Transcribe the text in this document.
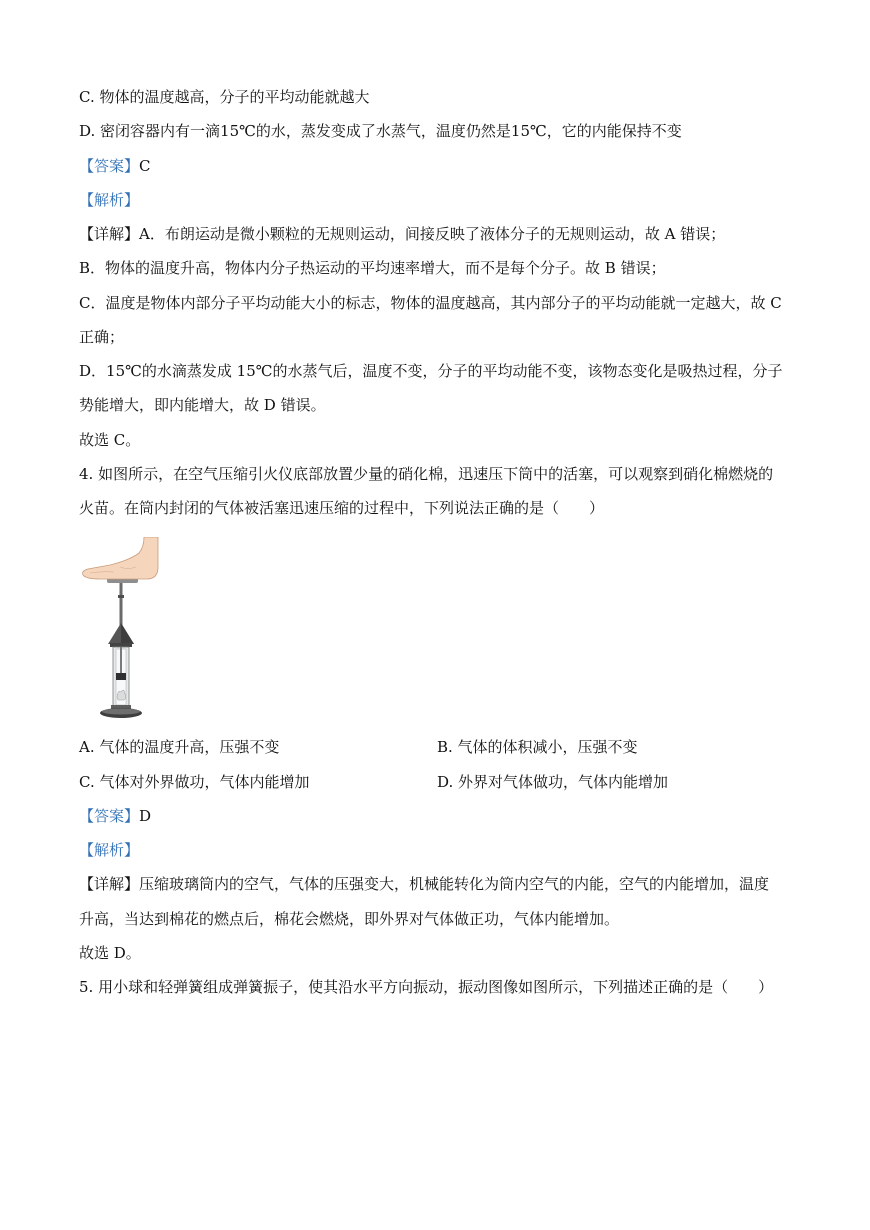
C. 物体的温度越高，分子的平均动能就越大
D. 密闭容器内有一滴15℃的水，蒸发变成了水蒸气，温度仍然是15℃，它的内能保持不变
【答案】C
【解析】
【详解】A．布朗运动是微小颗粒的无规则运动，间接反映了液体分子的无规则运动，故 A 错误；
B．物体的温度升高，物体内分子热运动的平均速率增大，而不是每个分子。故 B 错误；
C．温度是物体内部分子平均动能大小的标志，物体的温度越高，其内部分子的平均动能就一定越大，故 C
正确；
D．15℃的水滴蒸发成 15℃的水蒸气后，温度不变，分子的平均动能不变，该物态变化是吸热过程，分子
势能增大，即内能增大，故 D 错误。
故选 C。
4. 如图所示，在空气压缩引火仪底部放置少量的硝化棉，迅速压下筒中的活塞，可以观察到硝化棉燃烧的
火苗。在筒内封闭的气体被活塞迅速压缩的过程中，下列说法正确的是（　　）
A. 气体的温度升高，压强不变	B. 气体的体积减小，压强不变
C. 气体对外界做功，气体内能增加	D. 外界对气体做功，气体内能增加
【答案】D
【解析】
【详解】压缩玻璃筒内的空气，气体的压强变大，机械能转化为筒内空气的内能，空气的内能增加，温度
升高，当达到棉花的燃点后，棉花会燃烧，即外界对气体做正功，气体内能增加。
故选 D。
5. 用小球和轻弹簧组成弹簧振子，使其沿水平方向振动，振动图像如图所示，下列描述正确的是（　　）
